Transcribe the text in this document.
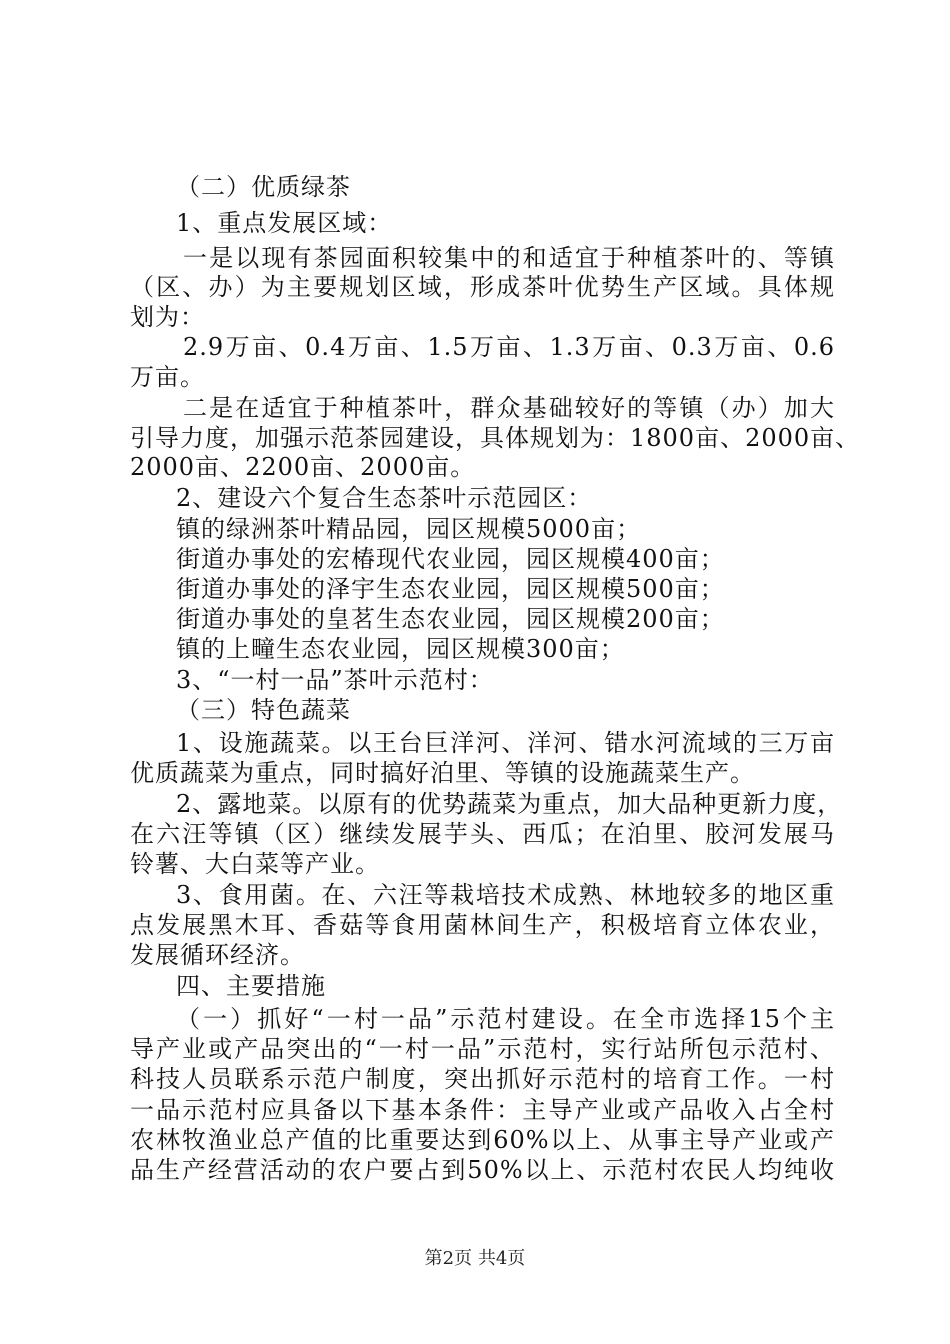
（二）优质绿茶
1、重点发展区域：
一是以现有茶园面积较集中的和适宜于种植茶叶的、等镇
（区、办）为主要规划区域，形成茶叶优势生产区域。具体规
划为：
2.9万亩、0.4万亩、1.5万亩、1.3万亩、0.3万亩、0.6
万亩。
二是在适宜于种植茶叶，群众基础较好的等镇（办）加大
引导力度，加强示范茶园建设，具体规划为：1800亩、2000亩、
2000亩、2200亩、2000亩。
2、建设六个复合生态茶叶示范园区：
镇的绿洲茶叶精品园，园区规模5000亩；
街道办事处的宏椿现代农业园，园区规模400亩；
街道办事处的泽宇生态农业园，园区规模500亩；
街道办事处的皇茗生态农业园，园区规模200亩；
镇的上疃生态农业园，园区规模300亩；
3、“一村一品”茶叶示范村：
（三）特色蔬菜
1、设施蔬菜。以王台巨洋河、洋河、错水河流域的三万亩
优质蔬菜为重点，同时搞好泊里、等镇的设施蔬菜生产。
2、露地菜。以原有的优势蔬菜为重点，加大品种更新力度，
在六汪等镇（区）继续发展芋头、西瓜；在泊里、胶河发展马
铃薯、大白菜等产业。
3、食用菌。在、六汪等栽培技术成熟、林地较多的地区重
点发展黑木耳、香菇等食用菌林间生产，积极培育立体农业，
发展循环经济。
四、主要措施
（一）抓好“一村一品”示范村建设。在全市选择15个主
导产业或产品突出的“一村一品”示范村，实行站所包示范村、
科技人员联系示范户制度，突出抓好示范村的培育工作。一村
一品示范村应具备以下基本条件：主导产业或产品收入占全村
农林牧渔业总产值的比重要达到60%以上、从事主导产业或产
品生产经营活动的农户要占到50%以上、示范村农民人均纯收
第2页 共4页
